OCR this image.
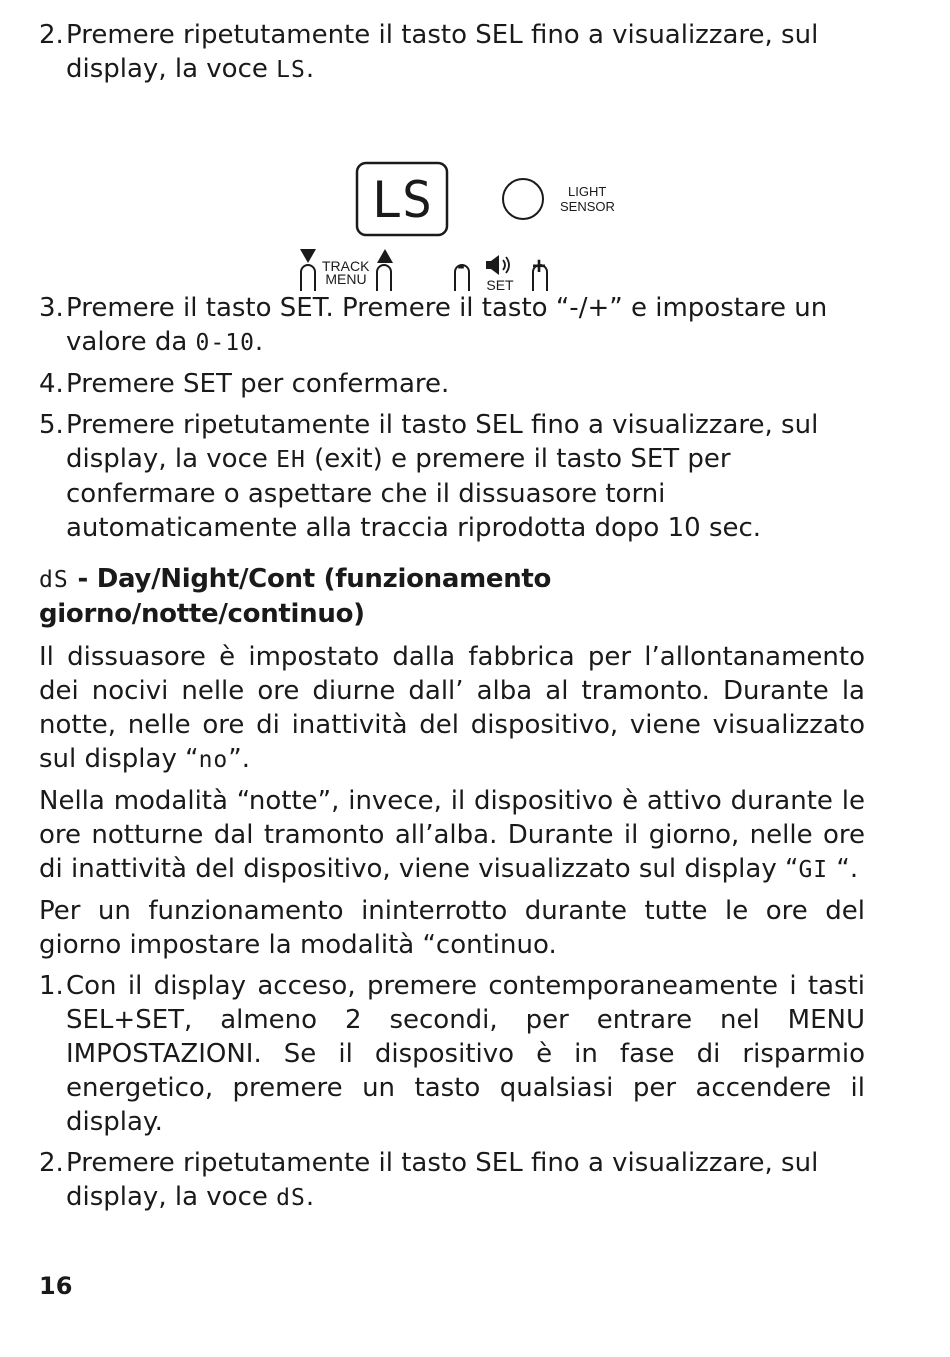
2. Premere ripetutamente il tasto SEL fino a visualizzare, sul display, la voce LS.

LS	LIGHT
SENSOR
TRACK	-	+
MENU	SET

3. Premere il tasto SET. Premere il tasto “-/+” e impostare un valore da 0-10.

4. Premere SET per confermare.

5. Premere ripetutamente il tasto SEL fino a visualizzare, sul display, la voce EH (exit) e premere il tasto SET per confermare o aspettare che il dissuasore torni automaticamente alla traccia riprodotta dopo 10 sec.

dS - Day/Night/Cont (funzionamento giorno/notte/continuo)

Il dissuasore è impostato dalla fabbrica per l’allontanamento dei nocivi nelle ore diurne dall’ alba al tramonto. Durante la notte, nelle ore di inattività del dispositivo, viene visualizzato sul display “no”.

Nella modalità “notte”, invece, il dispositivo è attivo durante le ore notturne dal tramonto all’alba. Durante il giorno, nelle ore di inattività del dispositivo, viene visualizzato sul display “GI “.

Per un funzionamento ininterrotto durante tutte le ore del giorno impostare la modalità “continuo.

1. Con il display acceso, premere contemporaneamente i tasti SEL+SET, almeno 2 secondi, per entrare nel MENU IMPOSTAZIONI. Se il dispositivo è in fase di risparmio energetico, premere un tasto qualsiasi per accendere il display.

2. Premere ripetutamente il tasto SEL fino a visualizzare, sul display, la voce dS.

16
